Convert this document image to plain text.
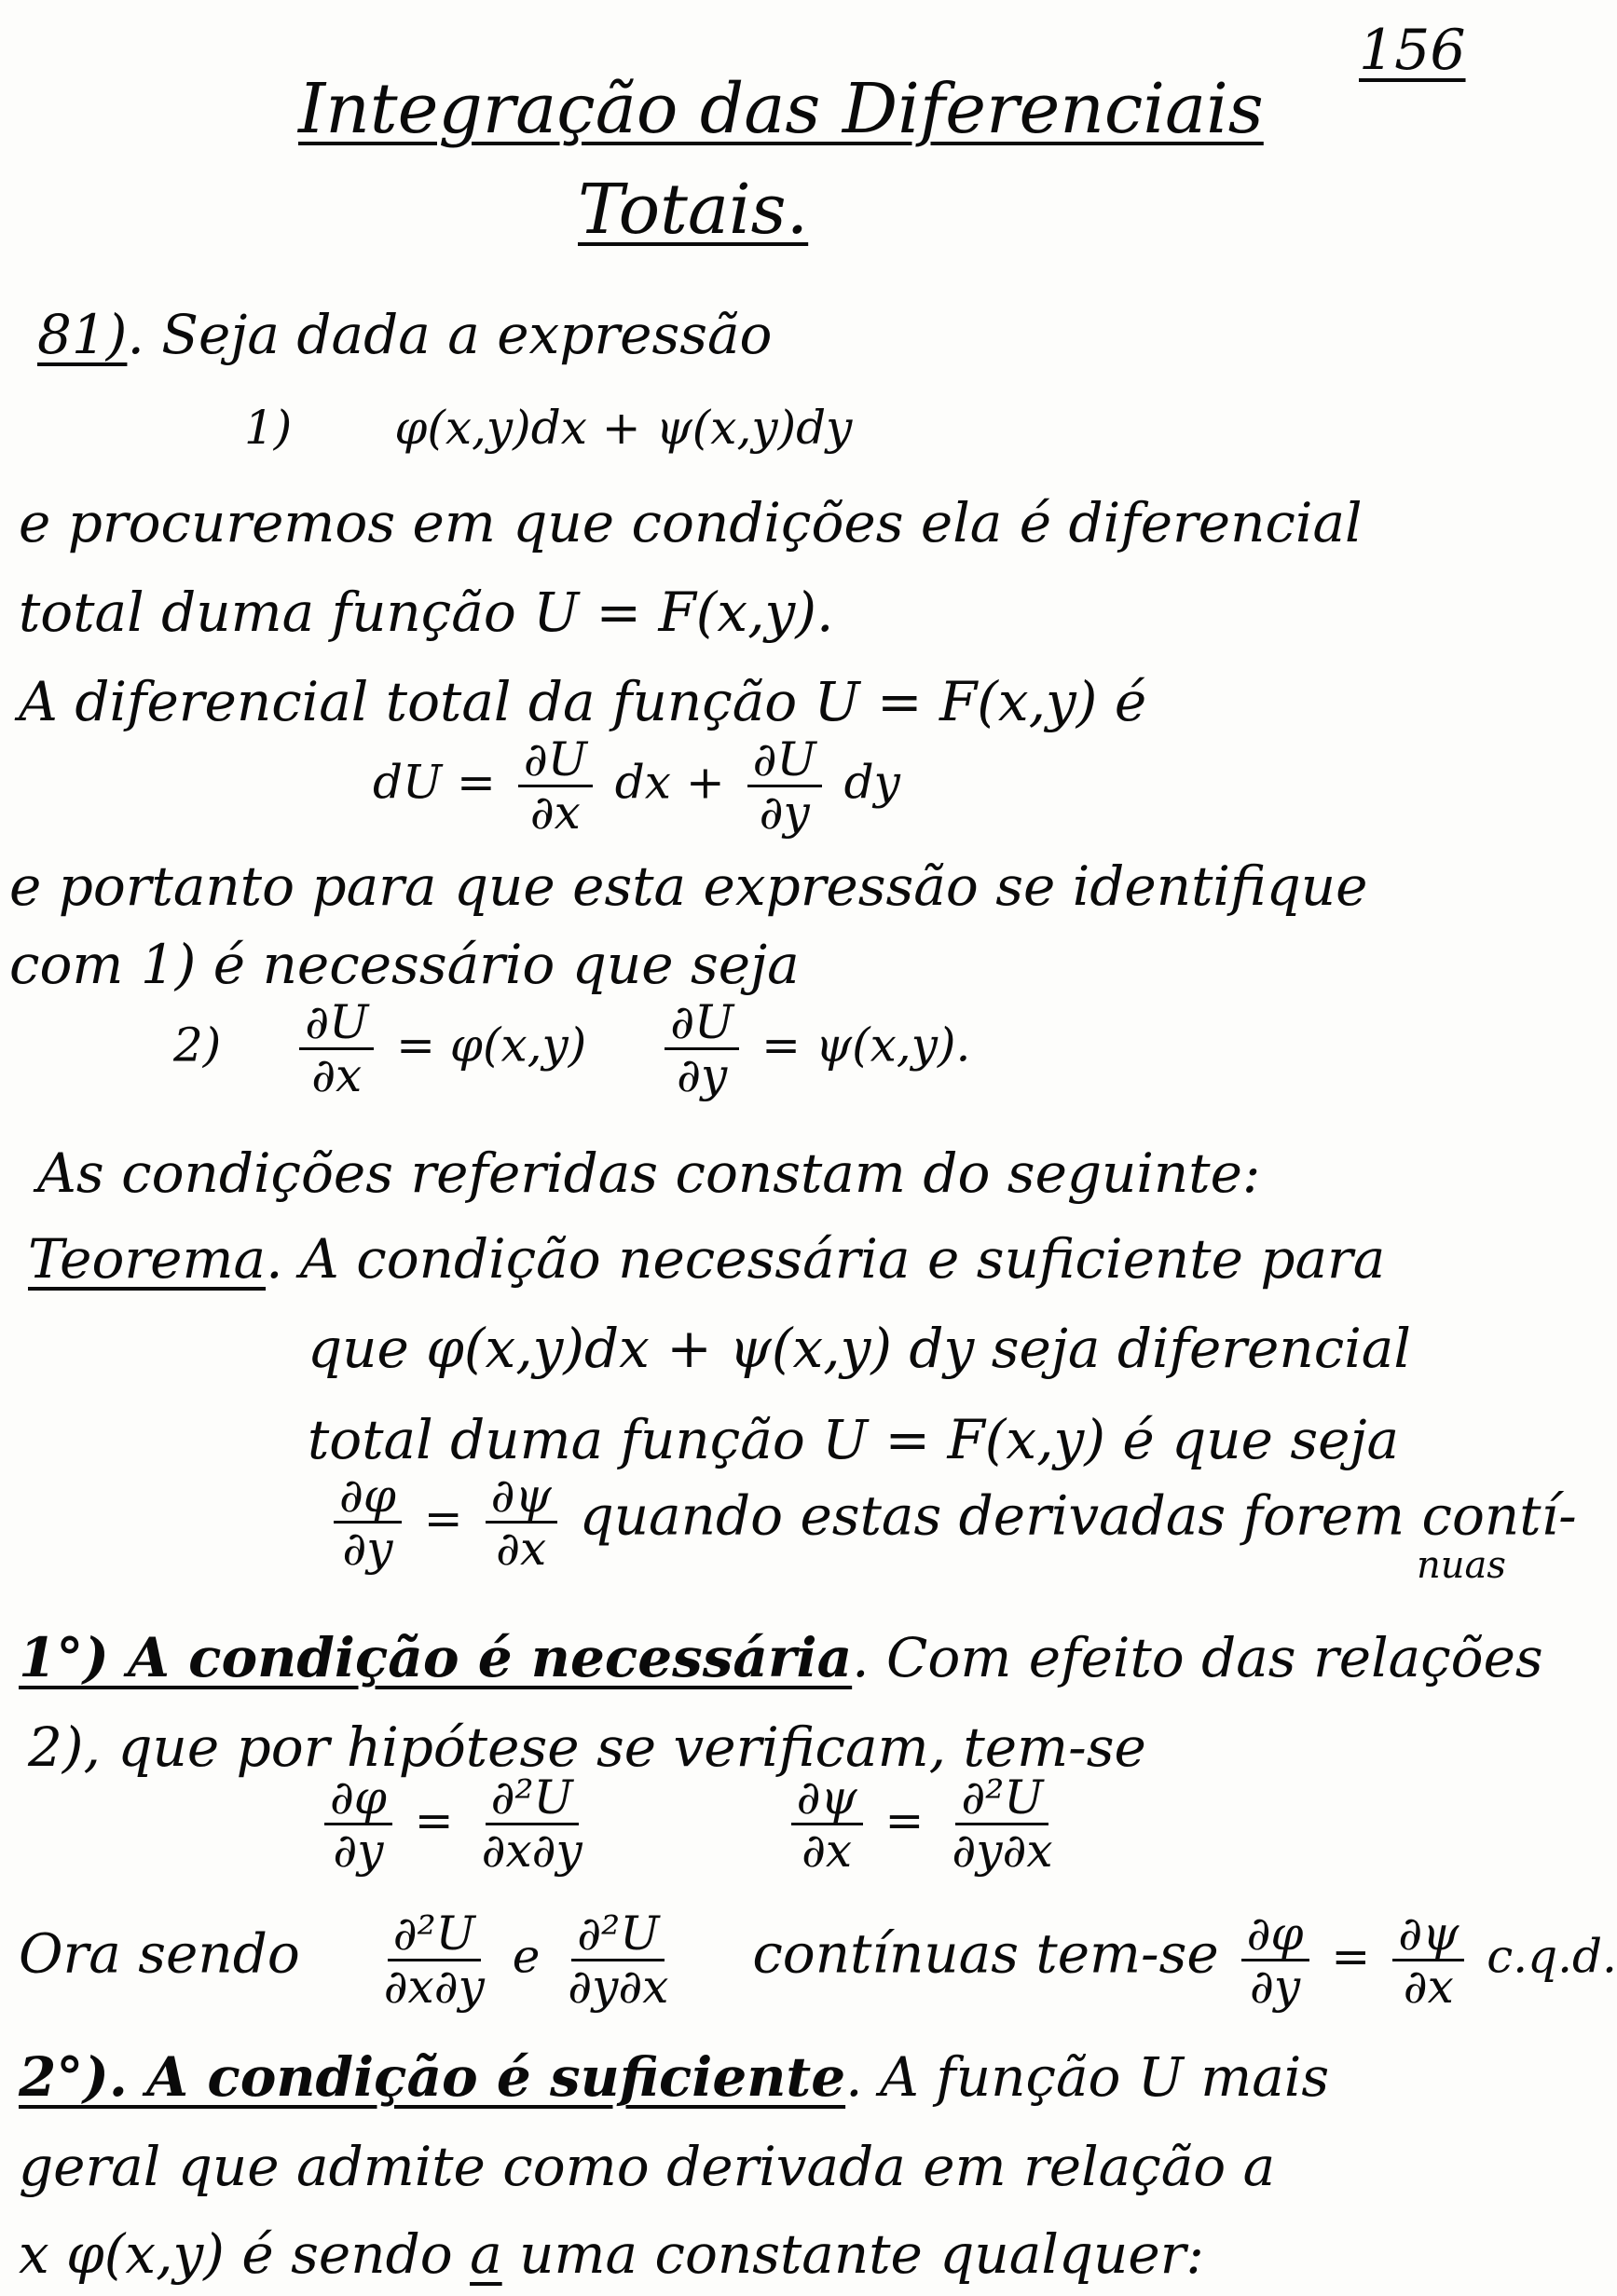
156
Integração das Diferenciais
Totais.
81). Seja dada a expressão
1) φ(x,y)dx + ψ(x,y)dy
e procuremos em que condições ela é diferencial
total duma função U = F(x,y).
A diferencial total da função U = F(x,y) é
dU = $\frac{\partial U}{\partial x}$ dx + $\frac{\partial U}{\partial y}$ dy
e portanto para que esta expressão se identifique
com 1) é necessário que seja
$2) \frac{\partial U}{\partial x} = \varphi(x,y) \frac{\partial U}{\partial y} = \psi(x,y)$.
As condições referidas constam do seguinte:
Teorema. A condição necessária e suficiente para
que φ(x,y)dx + ψ(x,y) dy seja diferencial
total duma função U = F(x,y) é que seja
$\frac{\partial\varphi}{\partial y} = \frac{\partial\psi}{\partial x}$ quando estas derivadas forem contí-
nuas
1°) A condição é necessária. Com efeito das relações
2), que por hipótese se verificam, tem-se
$\frac{\partial\varphi}{\partial y} = \frac{\text{∂²U}}{\partial x\partial y}$
	$\frac{\partial\psi}{\partial x} = \frac{\text{∂²U}}{\partial y\partial x}$
Ora sendo $\frac{\text{∂²U}}{\partial x\partial y}$ e $\frac{\text{∂²U}}{\partial y\partial x}$ contínuas $tem-se \frac{\partial\varphi}{\partial y} = \frac{\partial\psi}{\partial x} c.q.d$.
2°). A condição é suficiente. A função U mais
geral que admite como derivada em relação a
x φ(x,y) é sendo a uma constante qualquer:
